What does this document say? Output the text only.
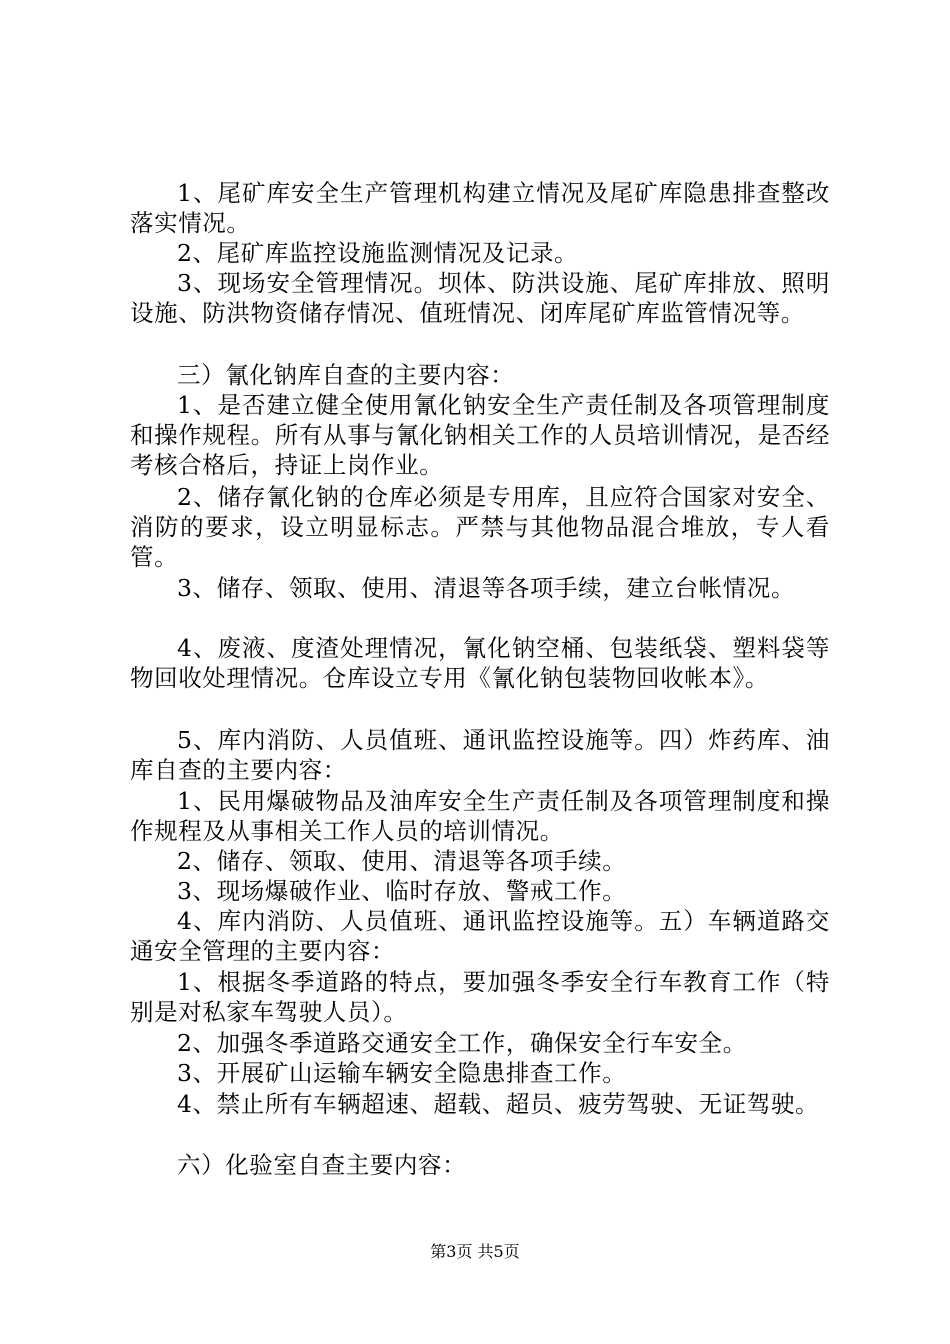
1、尾矿库安全生产管理机构建立情况及尾矿库隐患排查整改落实情况。

2、尾矿库监控设施监测情况及记录。

3、现场安全管理情况。坝体、防洪设施、尾矿库排放、照明设施、防洪物资储存情况、值班情况、闭库尾矿库监管情况等。

三）氰化钠库自查的主要内容：

1、是否建立健全使用氰化钠安全生产责任制及各项管理制度和操作规程。所有从事与氰化钠相关工作的人员培训情况，是否经考核合格后，持证上岗作业。

2、储存氰化钠的仓库必须是专用库，且应符合国家对安全、消防的要求，设立明显标志。严禁与其他物品混合堆放，专人看管。

3、储存、领取、使用、清退等各项手续，建立台帐情况。

4、废液、度渣处理情况，氰化钠空桶、包装纸袋、塑料袋等物回收处理情况。仓库设立专用《氰化钠包装物回收帐本》。

5、库内消防、人员值班、通讯监控设施等。四）炸药库、油库自查的主要内容：

1、民用爆破物品及油库安全生产责任制及各项管理制度和操作规程及从事相关工作人员的培训情况。

2、储存、领取、使用、清退等各项手续。

3、现场爆破作业、临时存放、警戒工作。

4、库内消防、人员值班、通讯监控设施等。五）车辆道路交通安全管理的主要内容：

1、根据冬季道路的特点，要加强冬季安全行车教育工作（特别是对私家车驾驶人员）。

2、加强冬季道路交通安全工作，确保安全行车安全。

3、开展矿山运输车辆安全隐患排查工作。

4、禁止所有车辆超速、超载、超员、疲劳驾驶、无证驾驶。

六）化验室自查主要内容：

第3页 共5页
